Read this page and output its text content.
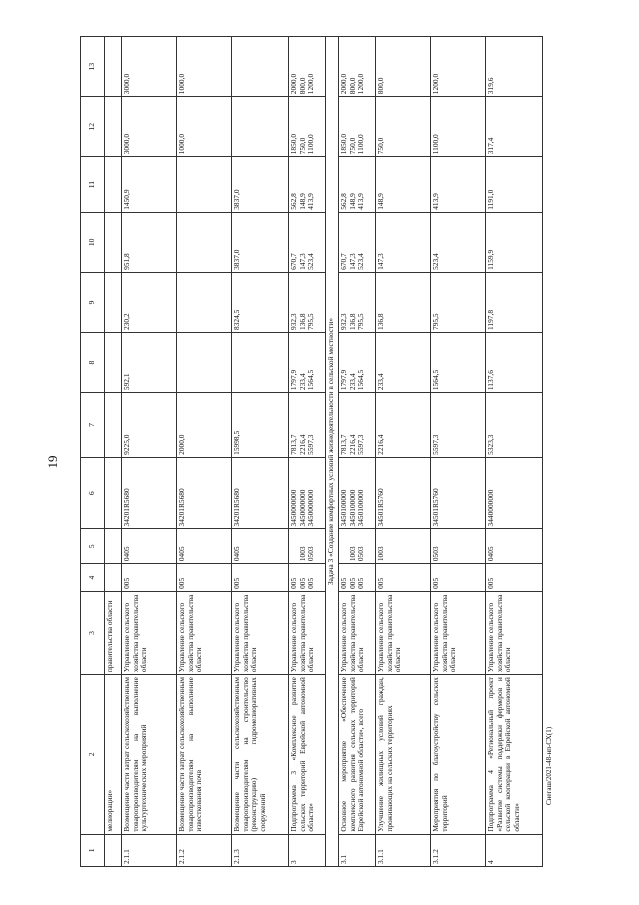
19
1	2	3	4	5	6	7	8	9	10	11	12	13
	мелиорации»	правительства области	

2.1.1	Возмещение части затрат сельскохозяйственным товаропроизводителям на выполнение культуртехнических мероприятий	Управление сельского хозяйства правительства области	005	0405	34201R5680	9225,0	592,1	230,2	951,8	1450,9	3000,0	3000,0

2.1.2	Возмещение части затрат сельскохозяйственным товаропроизводителям на выполнение известкования почв	Управление сельского хозяйства правительства области	005	0405	34201R5680	2000,0					1000,0	1000,0

2.1.3	Возмещение части сельскохозяйственным товаропроизводителям на строительство (реконструкцию) гидромелиоративных сооружений	Управление сельского хозяйства правительства области	005	0405	34201R5680	15998,5		8324,5	3837,0	3837,0

3	Подпрограмма 3 «Комплексное развитие сельских территорий Еврейской автономной области»	Управление сельского хозяйства правительства области	005 005 005	1003 0503	3450000000 3450000000 3450000000	7813,7 2216,4 5597,3	1797,9 233,4 1564,5	932,3 136,8 795,5	670,7 147,3 523,4	562,8 148,9 413,9	1850,0 750,0 1100,0	2000,0 800,0 1200,0

Задача 3 «Создание комфортных условий жизнедеятельности в сельской местности»												
3.1	Основное мероприятие «Обеспечение комплексного развития сельских территорий Еврейской автономной области», всего	Управление сельского хозяйства правительства области	005 005 005	1003 0503	3450100000 3450100000 3450100000	7813,7 2216,4 5597,3	1797,9 233,4 1564,5	932,3 136,8 795,5	670,7 147,3 523,4	562,8 148,9 413,9	1850,0 750,0 1100,0	2000,0 800,0 1200,0

3.1.1	Улучшение жилищных условий граждан, проживающих на сельских территориях	Управление сельского хозяйства правительства области	005	1003	34501R5760	2216,4	233,4	136,8	147,3	148,9	750,0	800,0

3.1.2	Мероприятия по благоустройству сельских территорий	Управление сельского хозяйства правительства области	005	0503	34501R5760	5597,3	1564,5	795,5	523,4	413,9	1100,0	1200,0

4	Подпрограмма 4 «Региональный проект «Развитие системы поддержки фермеров и сельской кооперации в Еврейской автономной области»	Управление сельского хозяйства правительства области	005	0405	3440000000	5323,3	1137,6	1197,8	1159,9	1191,0	317,4	319,6
Снегаш/2021-48-нп-СХ(1)
